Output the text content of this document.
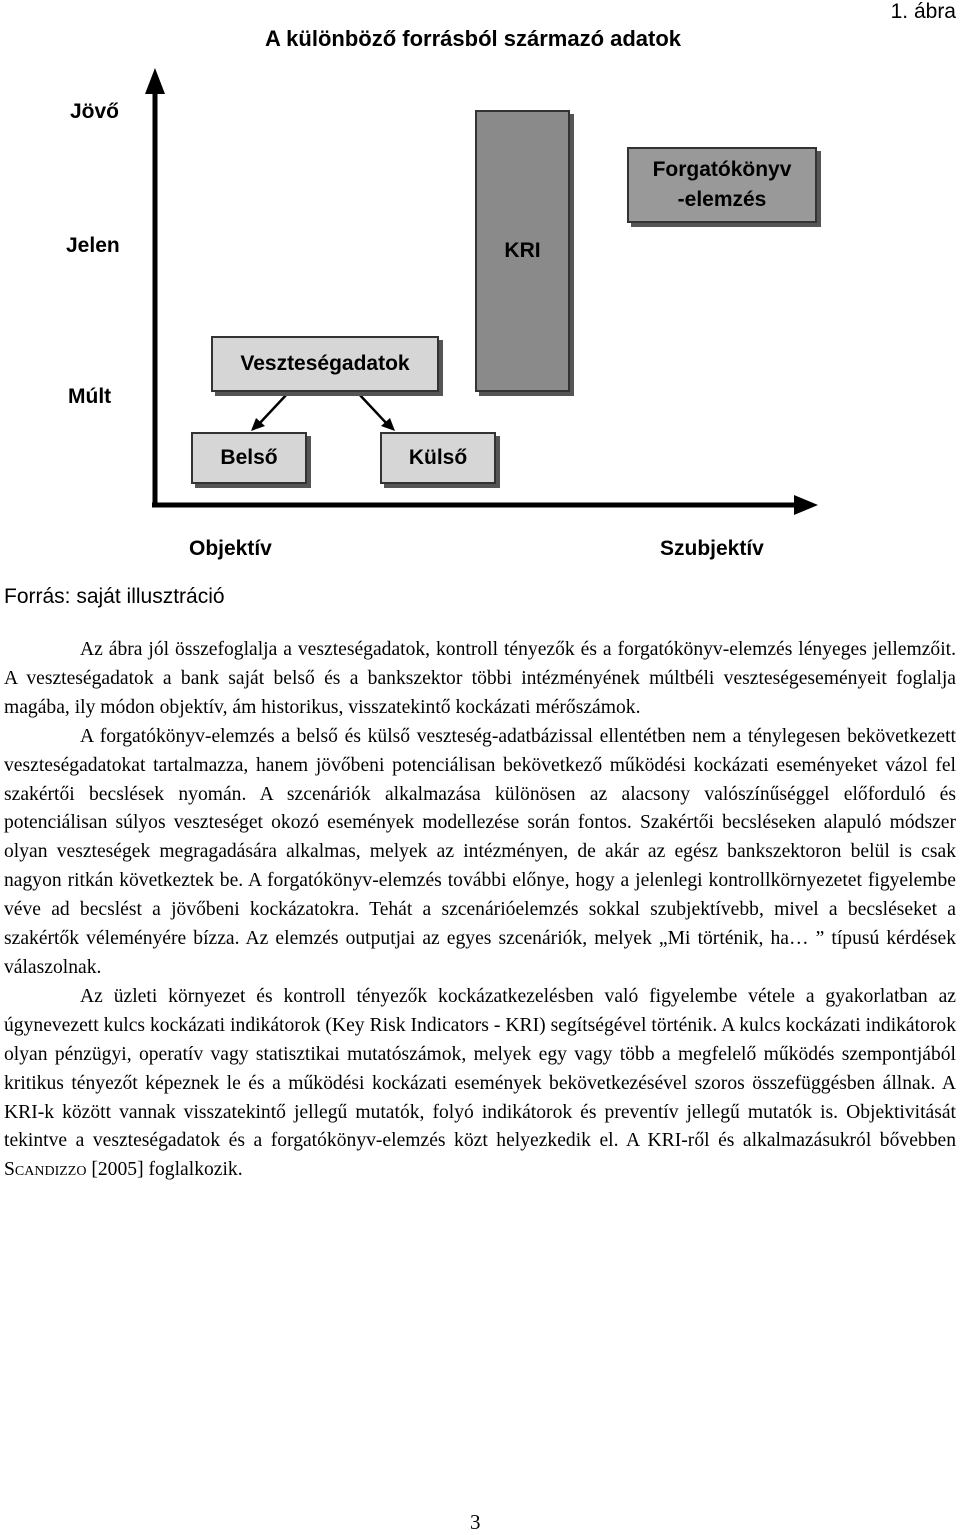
1. ábra
A különböző forrásból származó adatok
Jövő
Jelen
Múlt
KRI
Forgatókönyv
-elemzés
Veszteségadatok
Belső	Külső
Objektív	Szubjektív
Forrás: saját illusztráció

Az ábra jól összefoglalja a veszteségadatok, kontroll tényezők és a forgatókönyv-elemzés lényeges jellemzőit. A veszteségadatok a bank saját belső és a bankszektor többi intézményének múltbéli veszteségeseményeit foglalja magába, ily módon objektív, ám historikus, visszatekintő kockázati mérőszámok.

A forgatókönyv-elemzés a belső és külső veszteség-adatbázissal ellentétben nem a ténylegesen bekövetkezett veszteségadatokat tartalmazza, hanem jövőbeni potenciálisan bekövetkező működési kockázati eseményeket vázol fel szakértői becslések nyomán. A szcenáriók alkalmazása különösen az alacsony valószínűséggel előforduló és potenciálisan súlyos veszteséget okozó események modellezése során fontos. Szakértői becsléseken alapuló módszer olyan veszteségek megragadására alkalmas, melyek az intézményen, de akár az egész bankszektoron belül is csak nagyon ritkán következtek be. A forgatókönyv-elemzés további előnye, hogy a jelenlegi kontrollkörnyezetet figyelembe véve ad becslést a jövőbeni kockázatokra. Tehát a szcenárióelemzés sokkal szubjektívebb, mivel a becsléseket a szakértők véleményére bízza. Az elemzés outputjai az egyes szcenáriók, melyek „Mi történik, ha… ” típusú kérdések válaszolnak.

Az üzleti környezet és kontroll tényezők kockázatkezelésben való figyelembe vétele a gyakorlatban az úgynevezett kulcs kockázati indikátorok (Key Risk Indicators - KRI) segítségével történik. A kulcs kockázati indikátorok olyan pénzügyi, operatív vagy statisztikai mutatószámok, melyek egy vagy több a megfelelő működés szempontjából kritikus tényezőt képeznek le és a működési kockázati események bekövetkezésével szoros összefüggésben állnak. A KRI-k között vannak visszatekintő jellegű mutatók, folyó indikátorok és preventív jellegű mutatók is. Objektivitását tekintve a veszteségadatok és a forgatókönyv-elemzés közt helyezkedik el. A KRI-ről és alkalmazásukról bővebben Scandizzo [2005] foglalkozik.

3
